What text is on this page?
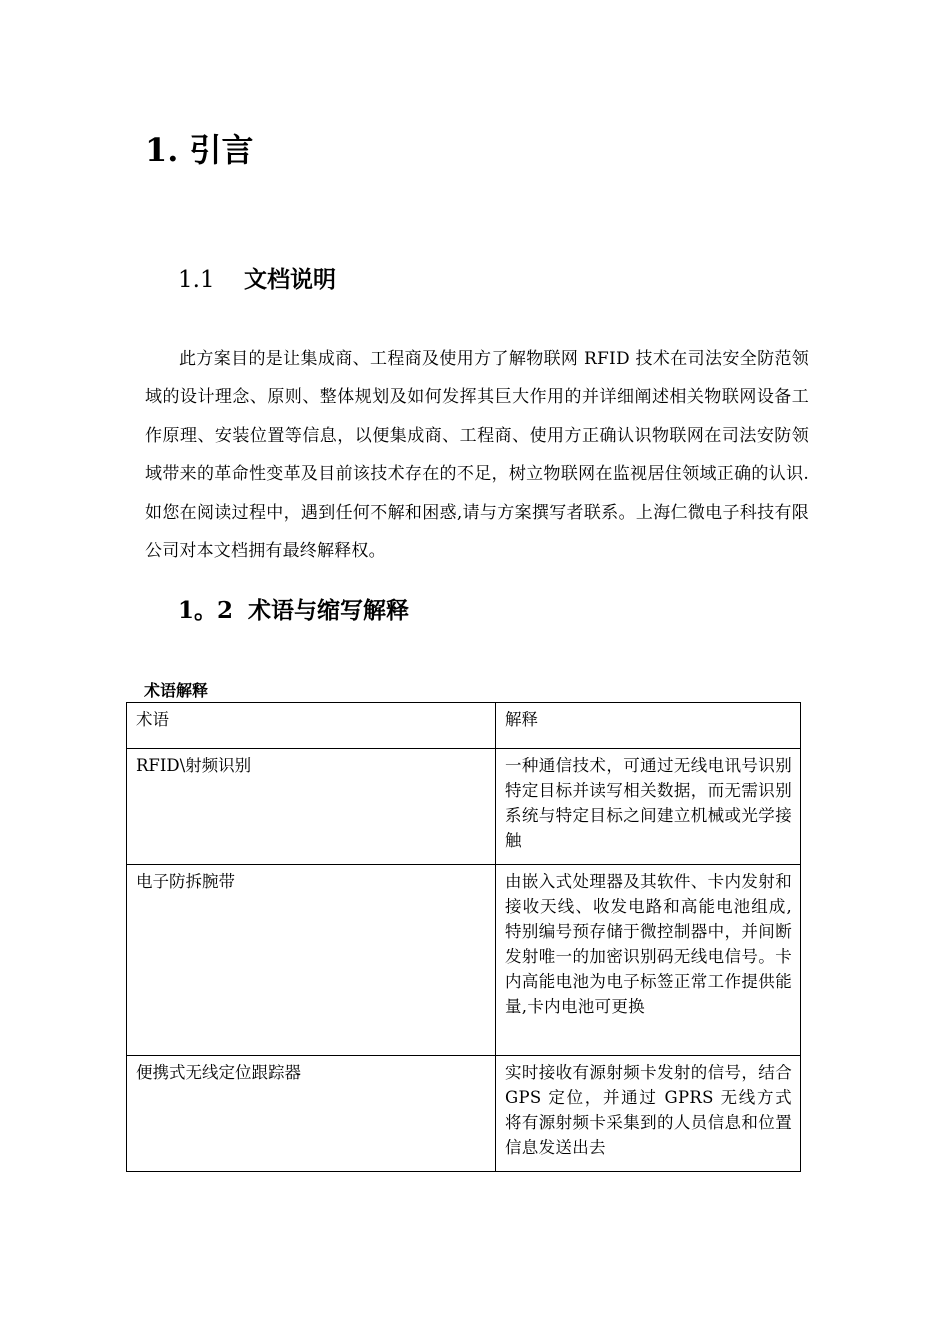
1. 引言
1.1 文档说明

此方案目的是让集成商、工程商及使用方了解物联网 RFID 技术在司法安全防范领域的设计理念、原则、整体规划及如何发挥其巨大作用的并详细阐述相关物联网设备工作原理、安装位置等信息，以便集成商、工程商、使用方正确认识物联网在司法安防领域带来的革命性变革及目前该技术存在的不足，树立物联网在监视居住领域正确的认识.如您在阅读过程中，遇到任何不解和困惑,请与方案撰写者联系。上海仁微电子科技有限公司对本文档拥有最终解释权。

1。2 术语与缩写解释

术语解释

术语	解释
RFID\射频识别	一种通信技术，可通过无线电讯号识别特定目标并读写相关数据，而无需识别系统与特定目标之间建立机械或光学接触
电子防拆腕带	由嵌入式处理器及其软件、卡内发射和接收天线、收发电路和高能电池组成,特别编号预存储于微控制器中，并间断发射唯一的加密识别码无线电信号。卡内高能电池为电子标签正常工作提供能量,卡内电池可更换
便携式无线定位跟踪器	实时接收有源射频卡发射的信号，结合 GPS 定位，并通过 GPRS 无线方式将有源射频卡采集到的人员信息和位置信息发送出去
